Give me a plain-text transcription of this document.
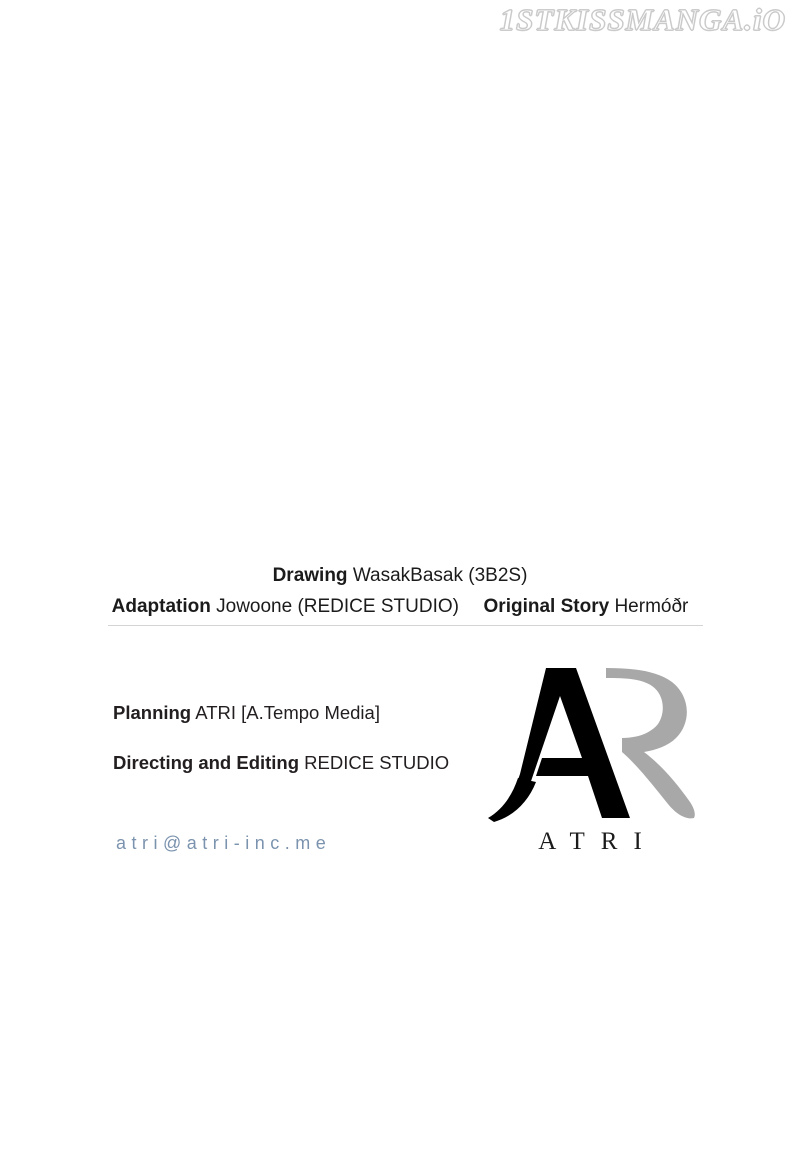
1STKISSMANGA.iO
Drawing WasakBasak (3B2S)
Adaptation Jowoone (REDICE STUDIO) Original Story Hermóðr
Planning ATRI [A.Tempo Media]
Directing and Editing REDICE STUDIO
atri@atri-inc.me	ATRI
